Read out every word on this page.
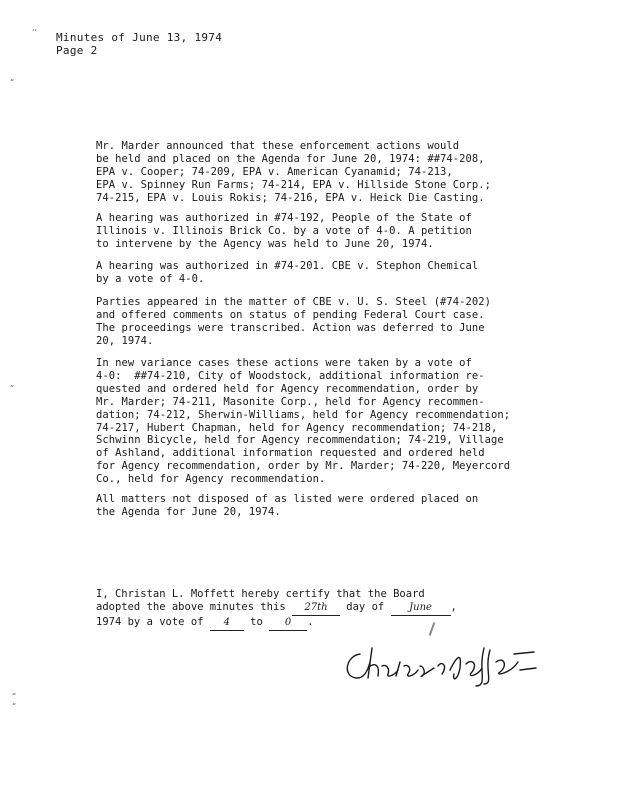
Minutes of June 13, 1974
Page 2
Mr. Marder announced that these enforcement actions would
be held and placed on the Agenda for June 20, 1974: ##74-208,
EPA v. Cooper; 74-209, EPA v. American Cyanamid; 74-213,
EPA v. Spinney Run Farms; 74-214, EPA v. Hillside Stone Corp.;
74-215, EPA v. Louis Rokis; 74-216, EPA v. Heick Die Casting.
A hearing was authorized in #74-192, People of the State of
Illinois v. Illinois Brick Co. by a vote of 4-0. A petition
to intervene by the Agency was held to June 20, 1974.
A hearing was authorized in #74-201. CBE v. Stephon Chemical
by a vote of 4-0.
Parties appeared in the matter of CBE v. U. S. Steel (#74-202)
and offered comments on status of pending Federal Court case.
The proceedings were transcribed. Action was deferred to June
20, 1974.
In new variance cases these actions were taken by a vote of
4-0:  ##74-210, City of Woodstock, additional information re-
quested and ordered held for Agency recommendation, order by
Mr. Marder; 74-211, Masonite Corp., held for Agency recommen-
dation; 74-212, Sherwin-Williams, held for Agency recommendation;
74-217, Hubert Chapman, held for Agency recommendation; 74-218,
Schwinn Bicycle, held for Agency recommendation; 74-219, Village
of Ashland, additional information requested and ordered held
for Agency recommendation, order by Mr. Marder; 74-220, Meyercord
Co., held for Agency recommendation.
All matters not disposed of as listed were ordered placed on
the Agenda for June 20, 1974.
I, Christan L. Moffett hereby certify that the Board
adopted the above minutes this 27th day of June ,
1974 by a vote of 4 to 0 .
‘‘
“
“
“
“
